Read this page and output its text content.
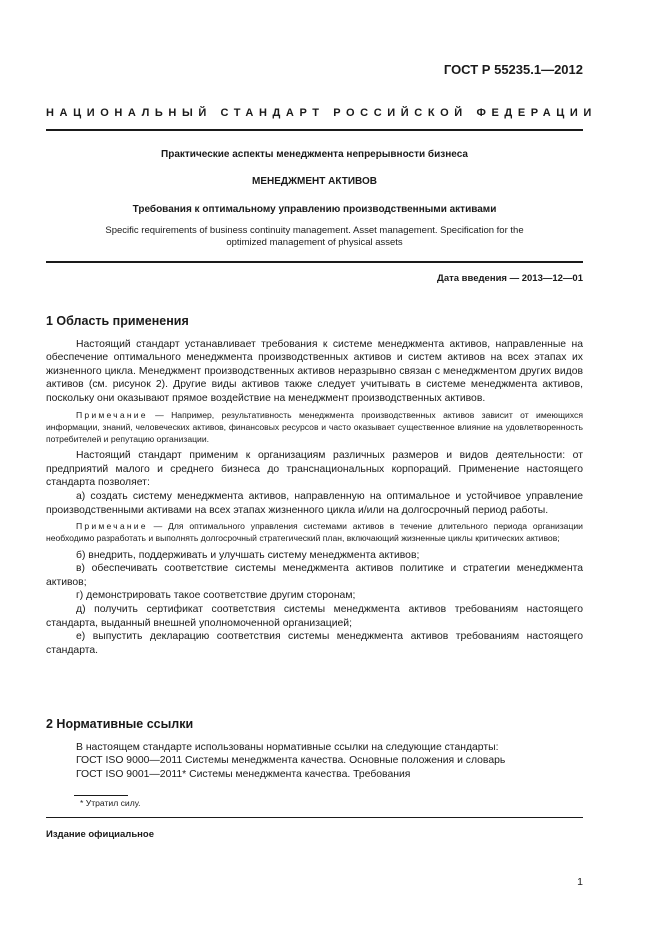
ГОСТ Р 55235.1—2012
НАЦИОНАЛЬНЫЙ СТАНДАРТ РОССИЙСКОЙ ФЕДЕРАЦИИ
Практические аспекты менеджмента непрерывности бизнеса
МЕНЕДЖМЕНТ АКТИВОВ
Требования к оптимальному управлению производственными активами
Specific requirements of business continuity management. Asset management. Specification for the optimized management of physical assets
Дата введения — 2013—12—01
1 Область применения

Настоящий стандарт устанавливает требования к системе менеджмента активов, направленные на обеспечение оптимального менеджмента производственных активов и систем активов на всех этапах их жизненного цикла. Менеджмент производственных активов неразрывно связан с менеджментом других видов активов (см. рисунок 2). Другие виды активов также следует учитывать в системе менеджмента активов, поскольку они оказывают прямое воздействие на менеджмент производственных активов.

Примечание — Например, результативность менеджмента производственных активов зависит от имеющихся информации, знаний, человеческих активов, финансовых ресурсов и часто оказывает существенное влияние на удовлетворенность потребителей и репутацию организации.

Настоящий стандарт применим к организациям различных размеров и видов деятельности: от предприятий малого и среднего бизнеса до транснациональных корпораций. Применение настоящего стандарта позволяет:

а) создать систему менеджмента активов, направленную на оптимальное и устойчивое управление производственными активами на всех этапах жизненного цикла и/или на долгосрочный период работы.

Примечание — Для оптимального управления системами активов в течение длительного периода организации необходимо разработать и выполнять долгосрочный стратегический план, включающий жизненные циклы критических активов;

б) внедрить, поддерживать и улучшать систему менеджмента активов;

в) обеспечивать соответствие системы менеджмента активов политике и стратегии менеджмента активов;

г) демонстрировать такое соответствие другим сторонам;

д) получить сертификат соответствия системы менеджмента активов требованиям настоящего стандарта, выданный внешней уполномоченной организацией;

е) выпустить декларацию соответствия системы менеджмента активов требованиям настоящего стандарта.

2 Нормативные ссылки

В настоящем стандарте использованы нормативные ссылки на следующие стандарты:

ГОСТ ISO 9000—2011 Системы менеджмента качества. Основные положения и словарь

ГОСТ ISO 9001—2011* Системы менеджмента качества. Требования

* Утратил силу.
Издание официальное
1
